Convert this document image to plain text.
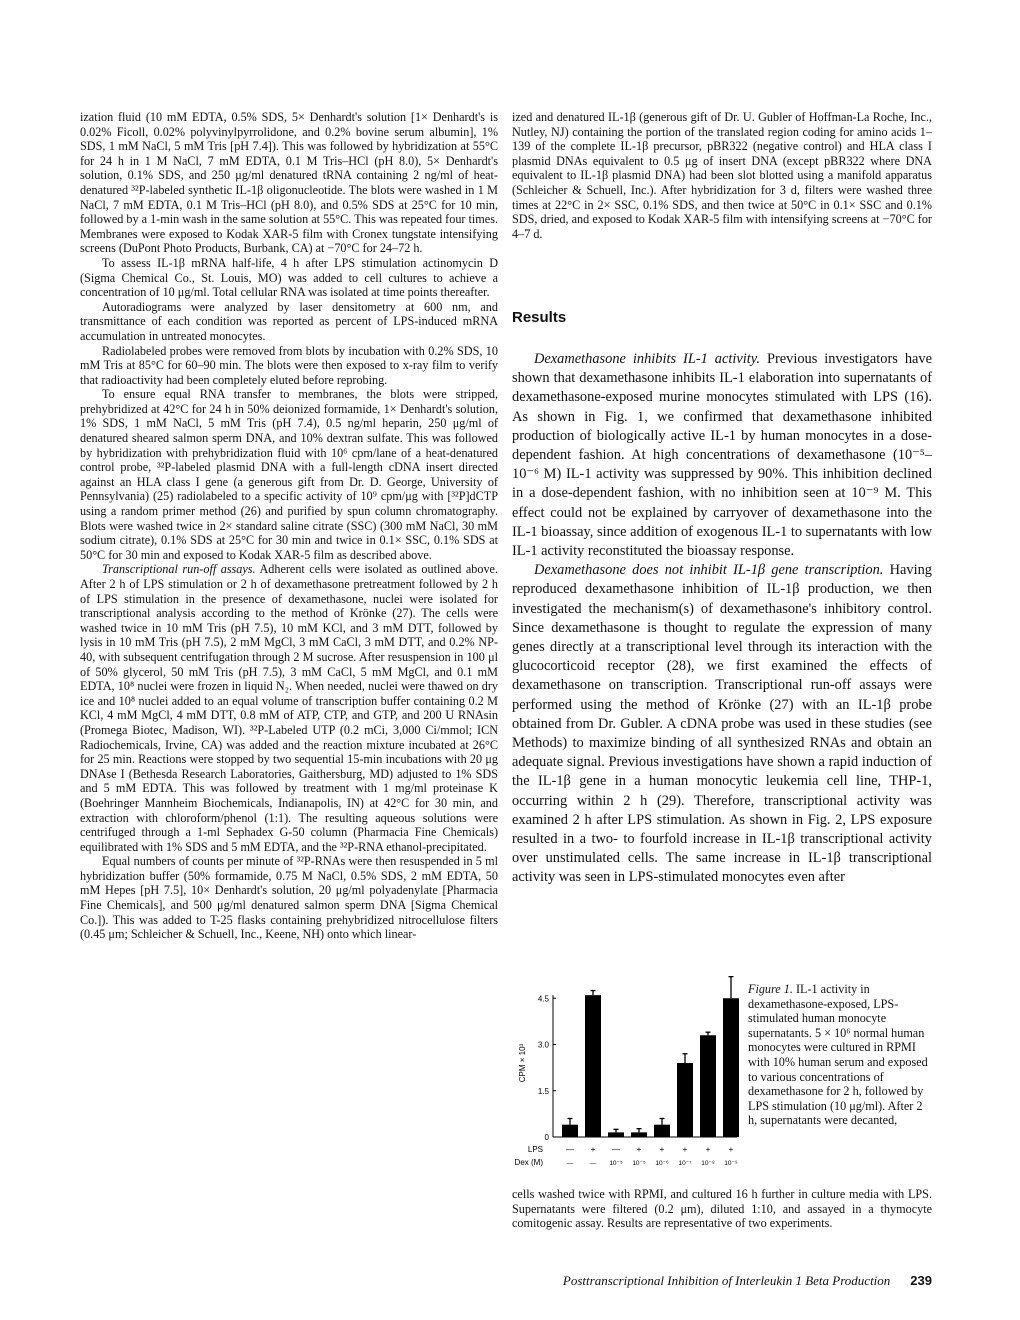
ization fluid (10 mM EDTA, 0.5% SDS, 5× Denhardt's solution [1× Denhardt's is 0.02% Ficoll, 0.02% polyvinylpyrrolidone, and 0.2% bovine serum albumin], 1% SDS, 1 mM NaCl, 5 mM Tris [pH 7.4]). This was followed by hybridization at 55°C for 24 h in 1 M NaCl, 7 mM EDTA, 0.1 M Tris–HCl (pH 8.0), 5× Denhardt's solution, 0.1% SDS, and 250 μg/ml denatured tRNA containing 2 ng/ml of heat-denatured ³²P-labeled synthetic IL-1β oligonucleotide. The blots were washed in 1 M NaCl, 7 mM EDTA, 0.1 M Tris–HCl (pH 8.0), and 0.5% SDS at 25°C for 10 min, followed by a 1-min wash in the same solution at 55°C. This was repeated four times. Membranes were exposed to Kodak XAR-5 film with Cronex tungstate intensifying screens (DuPont Photo Products, Burbank, CA) at −70°C for 24–72 h.

To assess IL-1β mRNA half-life, 4 h after LPS stimulation actinomycin D (Sigma Chemical Co., St. Louis, MO) was added to cell cultures to achieve a concentration of 10 μg/ml. Total cellular RNA was isolated at time points thereafter.

Autoradiograms were analyzed by laser densitometry at 600 nm, and transmittance of each condition was reported as percent of LPS-induced mRNA accumulation in untreated monocytes.

Radiolabeled probes were removed from blots by incubation with 0.2% SDS, 10 mM Tris at 85°C for 60–90 min. The blots were then exposed to x-ray film to verify that radioactivity had been completely eluted before reprobing.

To ensure equal RNA transfer to membranes, the blots were stripped, prehybridized at 42°C for 24 h in 50% deionized formamide, 1× Denhardt's solution, 1% SDS, 1 mM NaCl, 5 mM Tris (pH 7.4), 0.5 ng/ml heparin, 250 μg/ml of denatured sheared salmon sperm DNA, and 10% dextran sulfate. This was followed by hybridization with prehybridization fluid with 10⁶ cpm/lane of a heat-denatured control probe, ³²P-labeled plasmid DNA with a full-length cDNA insert directed against an HLA class I gene (a generous gift from Dr. D. George, University of Pennsylvania) (25) radiolabeled to a specific activity of 10⁹ cpm/μg with [³²P]dCTP using a random primer method (26) and purified by spun column chromatography. Blots were washed twice in 2× standard saline citrate (SSC) (300 mM NaCl, 30 mM sodium citrate), 0.1% SDS at 25°C for 30 min and twice in 0.1× SSC, 0.1% SDS at 50°C for 30 min and exposed to Kodak XAR-5 film as described above.

Transcriptional run-off assays. Adherent cells were isolated as outlined above. After 2 h of LPS stimulation or 2 h of dexamethasone pretreatment followed by 2 h of LPS stimulation in the presence of dexamethasone, nuclei were isolated for transcriptional analysis according to the method of Krönke (27). The cells were washed twice in 10 mM Tris (pH 7.5), 10 mM KCl, and 3 mM DTT, followed by lysis in 10 mM Tris (pH 7.5), 2 mM MgCl, 3 mM CaCl, 3 mM DTT, and 0.2% NP-40, with subsequent centrifugation through 2 M sucrose. After resuspension in 100 μl of 50% glycerol, 50 mM Tris (pH 7.5), 3 mM CaCl, 5 mM MgCl, and 0.1 mM EDTA, 10⁸ nuclei were frozen in liquid N₂. When needed, nuclei were thawed on dry ice and 10⁸ nuclei added to an equal volume of transcription buffer containing 0.2 M KCl, 4 mM MgCl, 4 mM DTT, 0.8 mM of ATP, CTP, and GTP, and 200 U RNAsin (Promega Biotec, Madison, WI). ³²P-Labeled UTP (0.2 mCi, 3,000 Ci/mmol; ICN Radiochemicals, Irvine, CA) was added and the reaction mixture incubated at 26°C for 25 min. Reactions were stopped by two sequential 15-min incubations with 20 μg DNAse I (Bethesda Research Laboratories, Gaithersburg, MD) adjusted to 1% SDS and 5 mM EDTA. This was followed by treatment with 1 mg/ml proteinase K (Boehringer Mannheim Biochemicals, Indianapolis, IN) at 42°C for 30 min, and extraction with chloroform/phenol (1:1). The resulting aqueous solutions were centrifuged through a 1-ml Sephadex G-50 column (Pharmacia Fine Chemicals) equilibrated with 1% SDS and 5 mM EDTA, and the ³²P-RNA ethanol-precipitated.

Equal numbers of counts per minute of ³²P-RNAs were then resuspended in 5 ml hybridization buffer (50% formamide, 0.75 M NaCl, 0.5% SDS, 2 mM EDTA, 50 mM Hepes [pH 7.5], 10× Denhardt's solution, 20 μg/ml polyadenylate [Pharmacia Fine Chemicals], and 500 μg/ml denatured salmon sperm DNA [Sigma Chemical Co.]). This was added to T-25 flasks containing prehybridized nitrocellulose filters (0.45 μm; Schleicher & Schuell, Inc., Keene, NH) onto which linear-

ized and denatured IL-1β (generous gift of Dr. U. Gubler of Hoffman-La Roche, Inc., Nutley, NJ) containing the portion of the translated region coding for amino acids 1–139 of the complete IL-1β precursor, pBR322 (negative control) and HLA class I plasmid DNAs equivalent to 0.5 μg of insert DNA (except pBR322 where DNA equivalent to IL-1β plasmid DNA) had been slot blotted using a manifold apparatus (Schleicher & Schuell, Inc.). After hybridization for 3 d, filters were washed three times at 22°C in 2× SSC, 0.1% SDS, and then twice at 50°C in 0.1× SSC and 0.1% SDS, dried, and exposed to Kodak XAR-5 film with intensifying screens at −70°C for 4–7 d.

Results

Dexamethasone inhibits IL-1 activity. Previous investigators have shown that dexamethasone inhibits IL-1 elaboration into supernatants of dexamethasone-exposed murine monocytes stimulated with LPS (16). As shown in Fig. 1, we confirmed that dexamethasone inhibited production of biologically active IL-1 by human monocytes in a dose-dependent fashion. At high concentrations of dexamethasone (10⁻⁵–10⁻⁶ M) IL-1 activity was suppressed by 90%. This inhibition declined in a dose-dependent fashion, with no inhibition seen at 10⁻⁹ M. This effect could not be explained by carryover of dexamethasone into the IL-1 bioassay, since addition of exogenous IL-1 to supernatants with low IL-1 activity reconstituted the bioassay response.

Dexamethasone does not inhibit IL-1β gene transcription. Having reproduced dexamethasone inhibition of IL-1β production, we then investigated the mechanism(s) of dexamethasone's inhibitory control. Since dexamethasone is thought to regulate the expression of many genes directly at a transcriptional level through its interaction with the glucocorticoid receptor (28), we first examined the effects of dexamethasone on transcription. Transcriptional run-off assays were performed using the method of Krönke (27) with an IL-1β probe obtained from Dr. Gubler. A cDNA probe was used in these studies (see Methods) to maximize binding of all synthesized RNAs and obtain an adequate signal. Previous investigations have shown a rapid induction of the IL-1β gene in a human monocytic leukemia cell line, THP-1, occurring within 2 h (29). Therefore, transcriptional activity was examined 2 h after LPS stimulation. As shown in Fig. 2, LPS exposure resulted in a two- to fourfold increase in IL-1β transcriptional activity over unstimulated cells. The same increase in IL-1β transcriptional activity was seen in LPS-stimulated monocytes even after

0
1.5
3.0
4.5
CPM × 10³
—
—
+
—
—
10⁻⁵
+
10⁻⁵
+
10⁻⁶
+
10⁻⁷
+
10⁻⁸
+
10⁻⁹
LPS
Dex (M)
Figure 1. IL-1 activity in dexamethasone-exposed, LPS-stimulated human monocyte supernatants. 5 × 10⁶ normal human monocytes were cultured in RPMI with 10% human serum and exposed to various concentrations of dexamethasone for 2 h, followed by LPS stimulation (10 μg/ml). After 2 h, supernatants were decanted,
cells washed twice with RPMI, and cultured 16 h further in culture media with LPS. Supernatants were filtered (0.2 μm), diluted 1:10, and assayed in a thymocyte comitogenic assay. Results are representative of two experiments.
Posttranscriptional Inhibition of Interleukin 1 Beta Production 239
